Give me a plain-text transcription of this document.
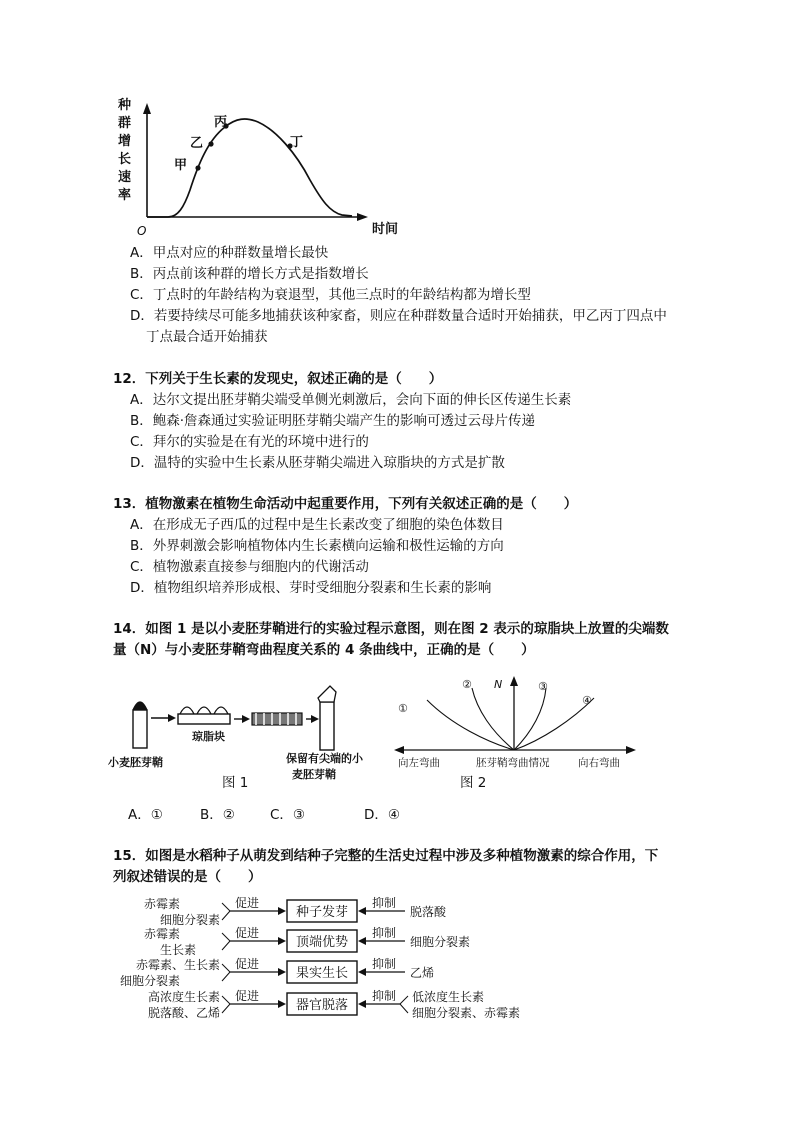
种
群
增
长
速
率
O	时间
甲
乙
丙
丁
A．甲点对应的种群数量增长最快
B．丙点前该种群的增长方式是指数增长
C．丁点时的年龄结构为衰退型，其他三点时的年龄结构都为增长型
D．若要持续尽可能多地捕获该种家畜，则应在种群数量合适时开始捕获，甲乙丙丁四点中
丁点最合适开始捕获
12．下列关于生长素的发现史，叙述正确的是（　　）
A．达尔文提出胚芽鞘尖端受单侧光刺激后，会向下面的伸长区传递生长素
B．鲍森·詹森通过实验证明胚芽鞘尖端产生的影响可透过云母片传递
C．拜尔的实验是在有光的环境中进行的
D．温特的实验中生长素从胚芽鞘尖端进入琼脂块的方式是扩散
13．植物激素在植物生命活动中起重要作用，下列有关叙述正确的是（　　）
A．在形成无子西瓜的过程中是生长素改变了细胞的染色体数目
B．外界刺激会影响植物体内生长素横向运输和极性运输的方向
C．植物激素直接参与细胞内的代谢活动
D．植物组织培养形成根、芽时受细胞分裂素和生长素的影响
14．如图 1 是以小麦胚芽鞘进行的实验过程示意图，则在图 2 表示的琼脂块上放置的尖端数
量（N）与小麦胚芽鞘弯曲程度关系的 4 条曲线中，正确的是（　　）
小麦胚芽鞘
琼脂块
保留有尖端的小
麦胚芽鞘
图 1
N
①
②	③
④
向左弯曲	胚芽鞘弯曲情况	向右弯曲
图 2
A．①	B．②	C．③	D．④
15．如图是水稻种子从萌发到结种子完整的生活史过程中涉及多种植物激素的综合作用，下
列叙述错误的是（　　）
赤霉素
细胞分裂素
促进
种子发芽
抑制
脱落酸
赤霉素
生长素
促进
顶端优势
抑制
细胞分裂素
赤霉素、生长素
细胞分裂素
促进
果实生长
抑制
乙烯
高浓度生长素
脱落酸、乙烯
促进
器官脱落
抑制 低浓度生长素
细胞分裂素、赤霉素
